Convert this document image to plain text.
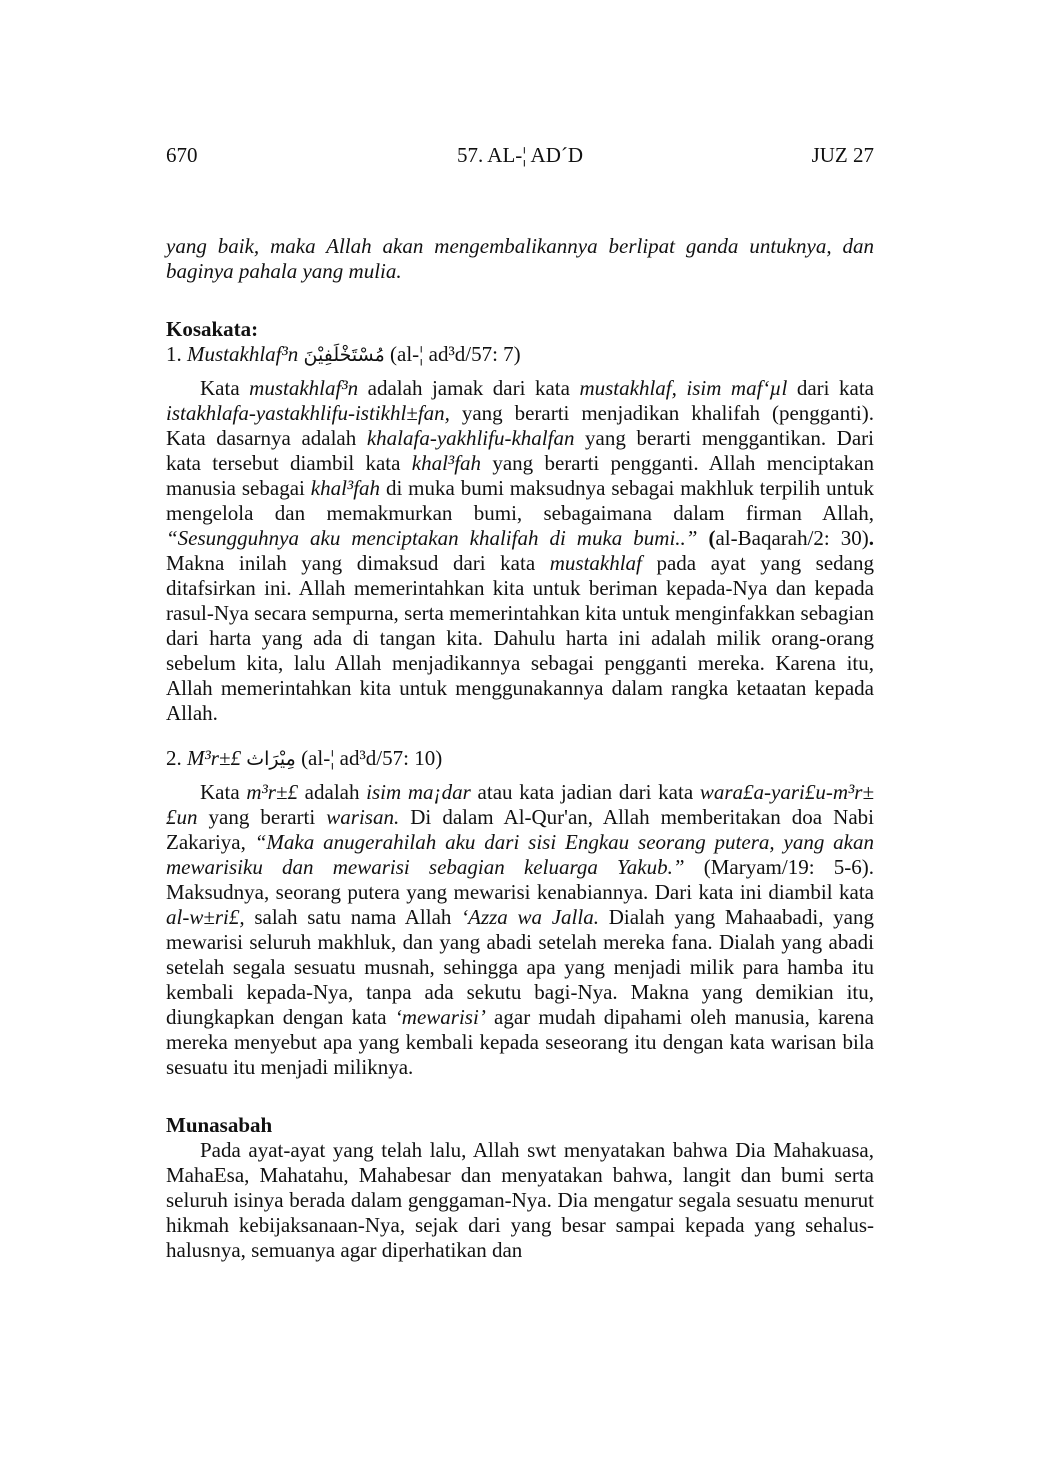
670	57. AL-¦ AD´D	JUZ 27

yang baik, maka Allah akan mengembalikannya berlipat ganda untuknya, dan baginya pahala yang mulia.

Kosakata:
1. Mustakhlaf³n مُسْتَخْلَفِيْنَ (al-¦ ad³d/57: 7)

Kata mustakhlaf³n adalah jamak dari kata mustakhlaf, isim maf‘µl dari kata istakhlafa-yastakhlifu-istikhl±fan, yang berarti menjadikan khalifah (pengganti). Kata dasarnya adalah khalafa-yakhlifu-khalfan yang berarti menggantikan. Dari kata tersebut diambil kata khal³fah yang berarti pengganti. Allah menciptakan manusia sebagai khal³fah di muka bumi maksudnya sebagai makhluk terpilih untuk mengelola dan memakmurkan bumi, sebagaimana dalam firman Allah, “Sesungguhnya aku menciptakan khalifah di muka bumi..” (al-Baqarah/2: 30). Makna inilah yang dimaksud dari kata mustakhlaf pada ayat yang sedang ditafsirkan ini. Allah memerintahkan kita untuk beriman kepada-Nya dan kepada rasul-Nya secara sempurna, serta memerintahkan kita untuk menginfakkan sebagian dari harta yang ada di tangan kita. Dahulu harta ini adalah milik orang-orang sebelum kita, lalu Allah menjadikannya sebagai pengganti mereka. Karena itu, Allah memerintahkan kita untuk menggunakannya dalam rangka ketaatan kepada Allah.

2. M³r±£ مِيْرَاث (al-¦ ad³d/57: 10)

Kata m³r±£ adalah isim ma¡dar atau kata jadian dari kata wara£a-yari£u-m³r±£un yang berarti warisan. Di dalam Al-Qur'an, Allah memberitakan doa Nabi Zakariya, “Maka anugerahilah aku dari sisi Engkau seorang putera, yang akan mewarisiku dan mewarisi sebagian keluarga Yakub.” (Maryam/19: 5-6). Maksudnya, seorang putera yang mewarisi kenabiannya. Dari kata ini diambil kata al-w±ri£, salah satu nama Allah ‘Azza wa Jalla. Dialah yang Mahaabadi, yang mewarisi seluruh makhluk, dan yang abadi setelah mereka fana. Dialah yang abadi setelah segala sesuatu musnah, sehingga apa yang menjadi milik para hamba itu kembali kepada-Nya, tanpa ada sekutu bagi-Nya. Makna yang demikian itu, diungkapkan dengan kata ‘mewarisi’ agar mudah dipahami oleh manusia, karena mereka menyebut apa yang kembali kepada seseorang itu dengan kata warisan bila sesuatu itu menjadi miliknya.

Munasabah

Pada ayat-ayat yang telah lalu, Allah swt menyatakan bahwa Dia Mahakuasa, MahaEsa, Mahatahu, Mahabesar dan menyatakan bahwa, langit dan bumi serta seluruh isinya berada dalam genggaman-Nya. Dia mengatur segala sesuatu menurut hikmah kebijaksanaan-Nya, sejak dari yang besar sampai kepada yang sehalus-halusnya, semuanya agar diperhatikan dan
